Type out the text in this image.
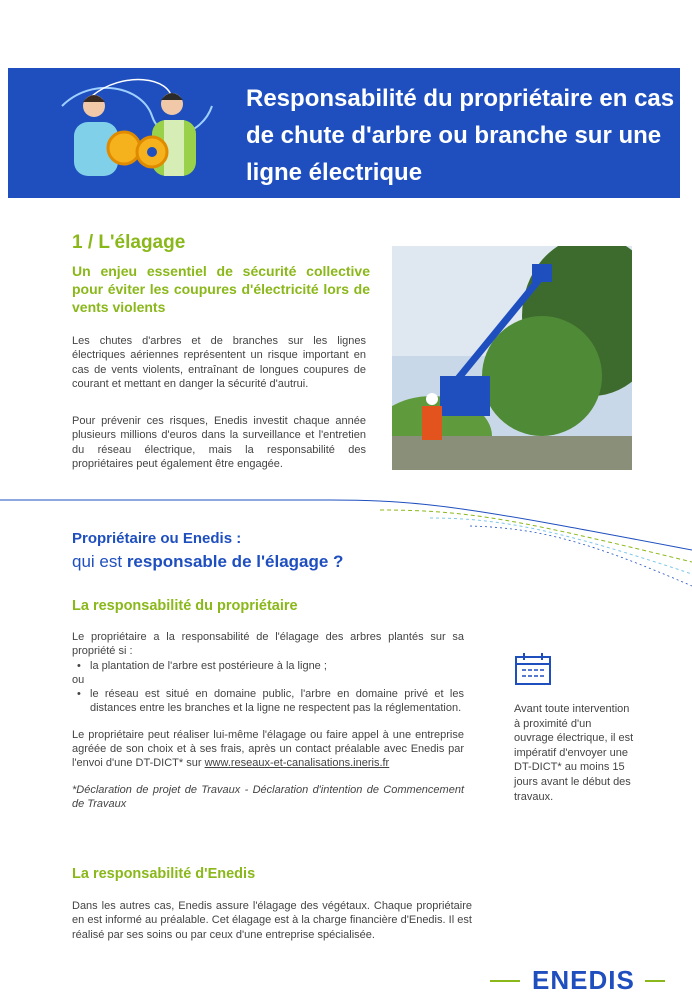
Responsabilité du propriétaire en cas de chute d'arbre ou branche sur une ligne électrique
1 / L'élagage
Un enjeu essentiel de sécurité collective pour éviter les coupures d'électricité lors de vents violents
Les chutes d'arbres et de branches sur les lignes électriques aériennes représentent un risque important en cas de vents violents, entraînant de longues coupures de courant et mettant en danger la sécurité d'autrui.
Pour prévenir ces risques, Enedis investit chaque année plusieurs millions d'euros dans la surveillance et l'entretien du réseau électrique, mais la responsabilité des propriétaires peut également être engagée.
Propriétaire ou Enedis :
qui est responsable de l'élagage ?
La responsabilité du propriétaire
Le propriétaire a la responsabilité de l'élagage des arbres plantés sur sa propriété si :
• la plantation de l'arbre est postérieure à la ligne ;
ou
• le réseau est situé en domaine public, l'arbre en domaine privé et les distances entre les branches et la ligne ne respectent pas la réglementation.
Le propriétaire peut réaliser lui-même l'élagage ou faire appel à une entreprise agréée de son choix et à ses frais, après un contact préalable avec Enedis par l'envoi d'une DT-DICT* sur www.reseaux-et-canalisations.ineris.fr
*Déclaration de projet de Travaux - Déclaration d'intention de Commencement de Travaux
Avant toute intervention à proximité d'un ouvrage électrique, il est impératif d'envoyer une DT-DICT* au moins 15 jours avant le début des travaux.
La responsabilité d'Enedis
Dans les autres cas, Enedis assure l'élagage des végétaux. Chaque propriétaire en est informé au préalable. Cet élagage est à la charge financière d'Enedis. Il est réalisé par ses soins ou par ceux d'une entreprise spécialisée.
ENEDIS
